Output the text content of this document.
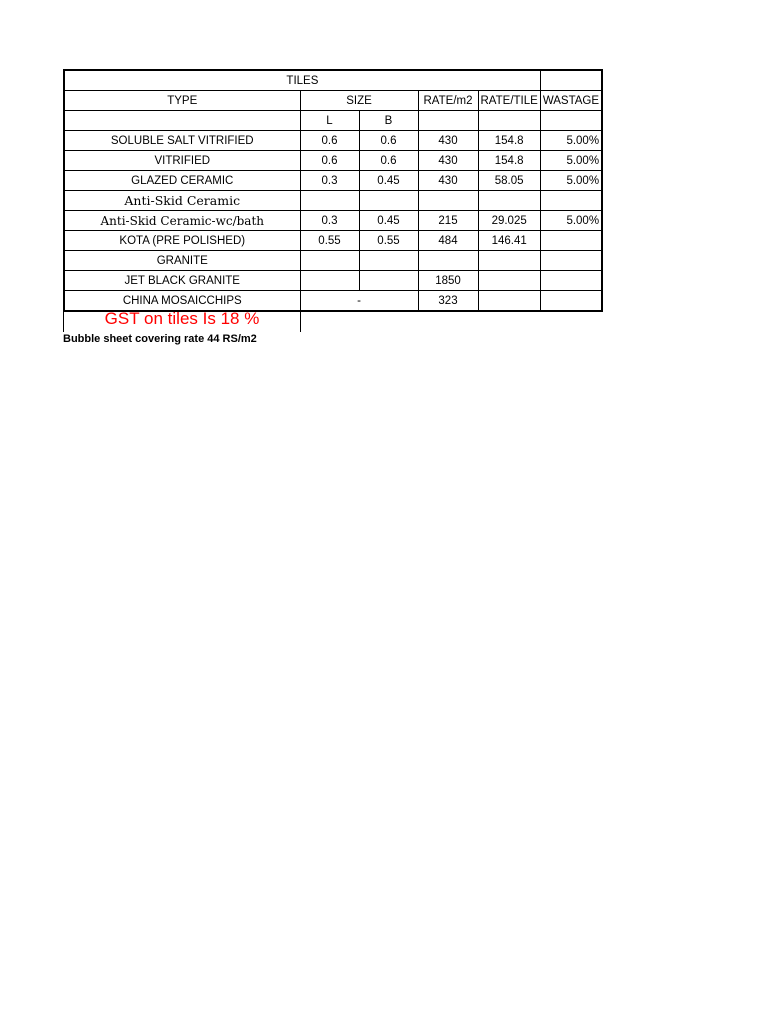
TILES					
TYPE	SIZE		RATE/m2	RATE/TILE	WASTAGE
	L	B			
SOLUBLE SALT VITRIFIED	0.6	0.6	430	154.8	5.00%
VITRIFIED	0.6	0.6	430	154.8	5.00%
GLAZED CERAMIC	0.3	0.45	430	58.05	5.00%
Anti-Skid Ceramic					
Anti-Skid Ceramic-wc/bath	0.3	0.45	215	29.025	5.00%
KOTA (PRE POLISHED)	0.55	0.55	484	146.41	
GRANITE					
JET BLACK GRANITE			1850		
CHINA MOSAICCHIPS	-		323		
GST on tiles Is 18 %
Bubble sheet covering rate 44 RS/m2
